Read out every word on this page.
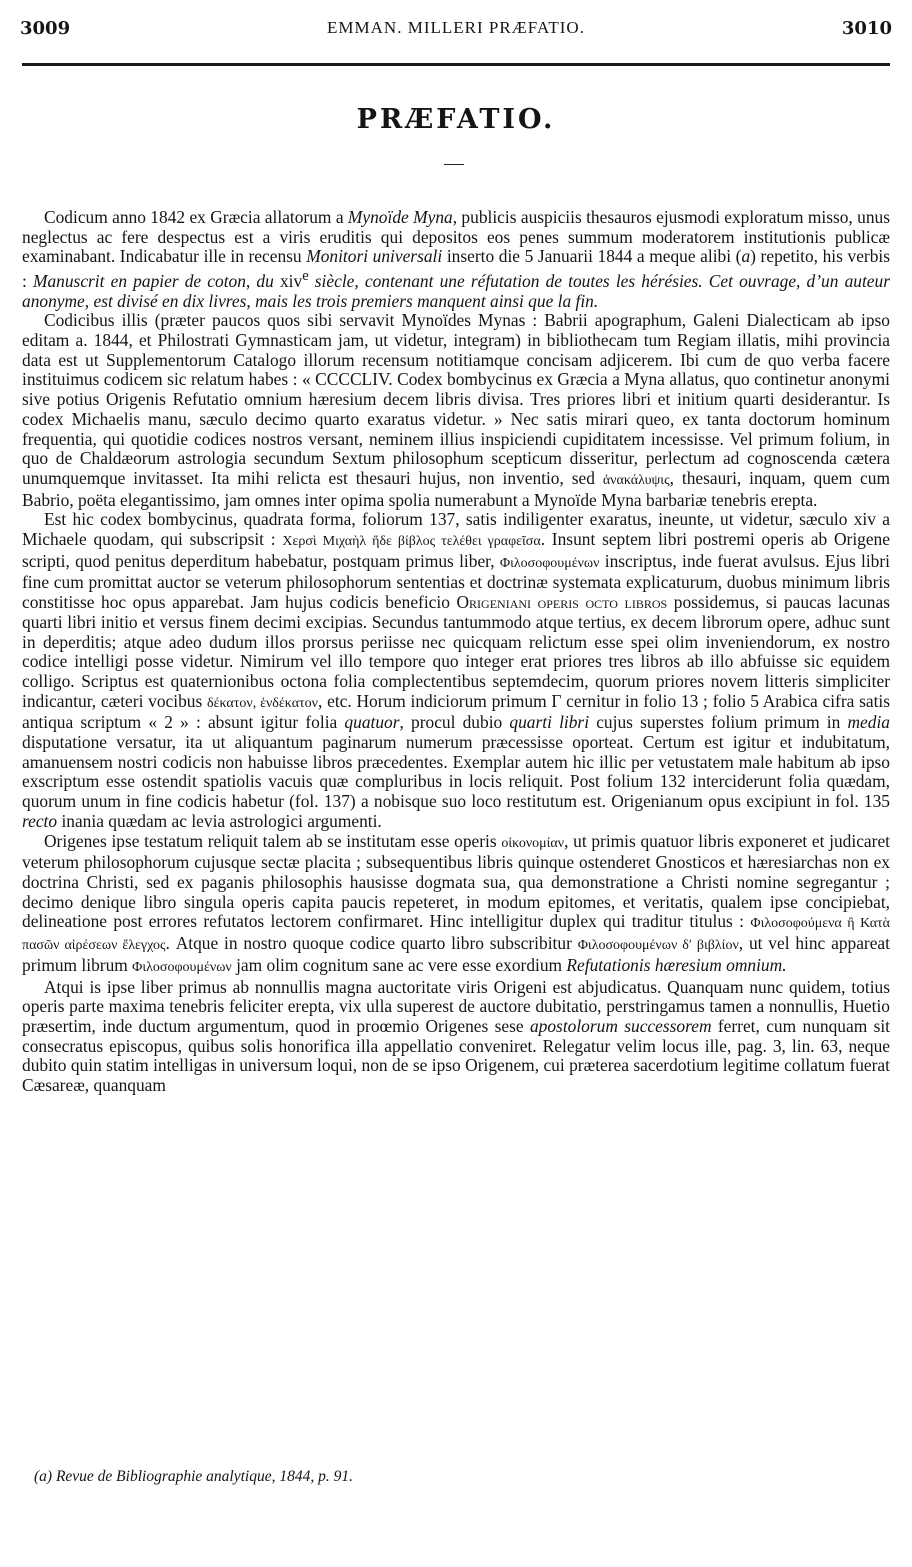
3009	EMMAN. MILLERI PRÆFATIO.	3010
PRÆFATIO.

Codicum anno 1842 ex Græcia allatorum a Mynoïde Myna, publicis auspiciis thesauros ejusmodi exploratum misso, unus neglectus ac fere despectus est a viris eruditis qui depositos eos penes summum moderatorem institutionis publicæ examinabant. Indicabatur ille in recensu Monitori universali inserto die 5 Januarii 1844 a meque alibi (a) repetito, his verbis : Manuscrit en papier de coton, du xiv$^e$ siècle, contenant une réfutation de toutes les hérésies. Cet ouvrage, d’un auteur anonyme, est divisé en dix livres, mais les trois premiers manquent ainsi que la fin.

Codicibus illis (præter paucos quos sibi servavit Mynoïdes Mynas : Babrii apographum, Galeni Dialecticam ab ipso editam a. 1844, et Philostrati Gymnasticam jam, ut videtur, integram) in bibliothecam tum Regiam illatis, mihi provincia data est ut Supplementorum Catalogo illorum recensum notitiamque concisam adjicerem. Ibi cum de quo verba facere instituimus codicem sic relatum habes : « CCCCLIV. Codex bombycinus ex Græcia a Myna allatus, quo continetur anonymi sive potius Origenis Refutatio omnium hæresium decem libris divisa. Tres priores libri et initium quarti desiderantur. Is codex Michaelis manu, sæculo decimo quarto exaratus videtur. » Nec satis mirari queo, ex tanta doctorum hominum frequentia, qui quotidie codices nostros versant, neminem illius inspiciendi cupiditatem incessisse. Vel primum folium, in quo de Chaldæorum astrologia secundum Sextum philosophum scepticum disseritur, perlectum ad cognoscenda cætera unumquemque invitasset. Ita mihi relicta est thesauri hujus, non inventio, sed ἀνακάλυψις, thesauri, inquam, quem cum Babrio, poëta elegantissimo, jam omnes inter opima spolia numerabunt a Mynoïde Myna barbariæ tenebris erepta.

Est hic codex bombycinus, quadrata forma, foliorum 137, satis indiligenter exaratus, ineunte, ut videtur, sæculo xiv a Michaele quodam, qui subscripsit : Χερσὶ Μιχαὴλ ἥδε βίβλος τελέθει γραφεῖσα. Insunt septem libri postremi operis ab Origene scripti, quod penitus deperditum habebatur, postquam primus liber, Φιλοσοφουμένων inscriptus, inde fuerat avulsus. Ejus libri fine cum promittat auctor se veterum philosophorum sententias et doctrinæ systemata explicaturum, duobus minimum libris constitisse hoc opus apparebat. Jam hujus codicis beneficio Origeniani operis octo libros possidemus, si paucas lacunas quarti libri initio et versus finem decimi excipias. Secundus tantummodo atque tertius, ex decem librorum opere, adhuc sunt in deperditis; atque adeo dudum illos prorsus periisse nec quicquam relictum esse spei olim inveniendorum, ex nostro codice intelligi posse videtur. Nimirum vel illo tempore quo integer erat priores tres libros ab illo abfuisse sic equidem colligo. Scriptus est quaternionibus octona folia complectentibus septemdecim, quorum priores novem litteris simpliciter indicantur, cæteri vocibus δέκατον, ἑνδέκατον, etc. Horum indiciorum primum Γ cernitur in folio 13 ; folio 5 Arabica cifra satis antiqua scriptum « 2 » : absunt igitur folia quatuor, procul dubio quarti libri cujus superstes folium primum in media disputatione versatur, ita ut aliquantum paginarum numerum præcessisse oporteat. Certum est igitur et indubitatum, amanuensem nostri codicis non habuisse libros præcedentes. Exemplar autem hic illic per vetustatem male habitum ab ipso exscriptum esse ostendit spatiolis vacuis quæ compluribus in locis reliquit. Post folium 132 interciderunt folia quædam, quorum unum in fine codicis habetur (fol. 137) a nobisque suo loco restitutum est. Origenianum opus excipiunt in fol. 135 recto inania quædam ac levia astrologici argumenti.

Origenes ipse testatum reliquit talem ab se institutam esse operis οἰκονομίαν, ut primis quatuor libris exponeret et judicaret veterum philosophorum cujusque sectæ placita ; subsequentibus libris quinque ostenderet Gnosticos et hæresiarchas non ex doctrina Christi, sed ex paganis philosophis hausisse dogmata sua, qua demonstratione a Christi nomine segregantur ; decimo denique libro singula operis capita paucis repeteret, in modum epitomes, et veritatis, qualem ipse concipiebat, delineatione post errores refutatos lectorem confirmaret. Hinc intelligitur duplex qui traditur titulus : Φιλοσοφούμενα ἢ Κατὰ πασῶν αἱρέσεων ἔλεγχος. Atque in nostro quoque codice quarto libro subscribitur Φιλοσοφουμένων δʹ βιβλίον, ut vel hinc appareat primum librum Φιλοσοφουμένων jam olim cognitum sane ac vere esse exordium Refutationis hæresium omnium.

Atqui is ipse liber primus ab nonnullis magna auctoritate viris Origeni est abjudicatus. Quanquam nunc quidem, totius operis parte maxima tenebris feliciter erepta, vix ulla superest de auctore dubitatio, perstringamus tamen a nonnullis, Huetio præsertim, inde ductum argumentum, quod in proœmio Origenes sese apostolorum successorem ferret, cum nunquam sit consecratus episcopus, quibus solis honorifica illa appellatio conveniret. Relegatur velim locus ille, pag. 3, lin. 63, neque dubito quin statim intelligas in universum loqui, non de se ipso Origenem, cui præterea sacerdotium legitime collatum fuerat Cæsareæ, quanquam

(a) Revue de Bibliographie analytique, 1844, p. 91.
